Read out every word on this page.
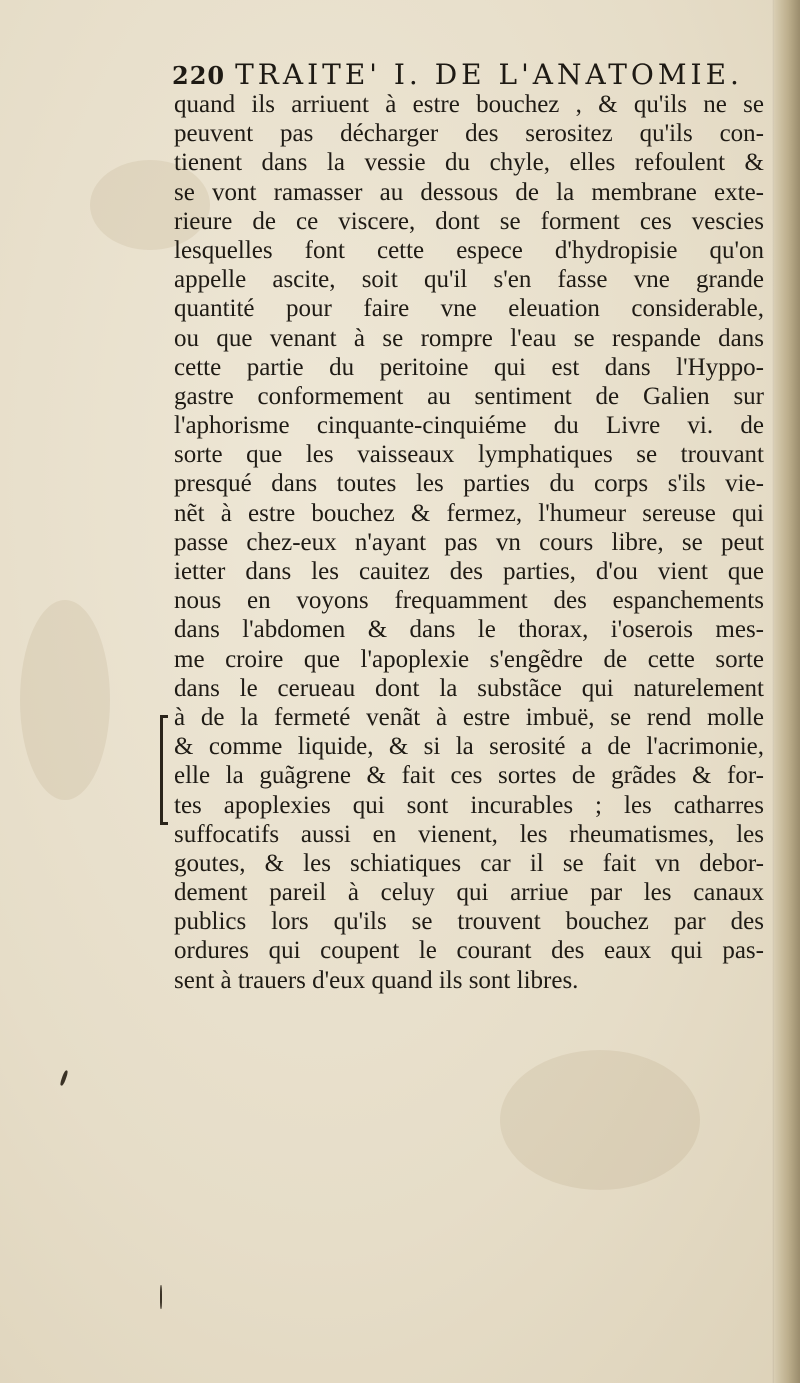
220 TRAITE' I. DE L'ANATOMIE.
quand ils arriuent à estre bouchez , & qu'ils ne se
peuvent pas décharger des serositez qu'ils con-
tienent dans la vessie du chyle, elles refoulent &
se vont ramasser au dessous de la membrane exte-
rieure de ce viscere, dont se forment ces vescies
lesquelles font cette espece d'hydropisie qu'on
appelle ascite, soit qu'il s'en fasse vne grande
quantité pour faire vne eleuation considerable,
ou que venant à se rompre l'eau se respande dans
cette partie du peritoine qui est dans l'Hyppo-
gastre conformement au sentiment de Galien sur
l'aphorisme cinquante-cinquiéme du Livre vi. de
sorte que les vaisseaux lymphatiques se trouvant
presqué dans toutes les parties du corps s'ils vie-
nẽt à estre bouchez & fermez, l'humeur sereuse qui
passe chez-eux n'ayant pas vn cours libre, se peut
ietter dans les cauitez des parties, d'ou vient que
nous en voyons frequamment des espanchements
dans l'abdomen & dans le thorax, i'oserois mes-
me croire que l'apoplexie s'engẽdre de cette sorte
dans le cerueau dont la substãce qui naturelement
à de la fermeté venãt à estre imbuë, se rend molle
& comme liquide, & si la serosité a de l'acrimonie,
elle la guãgrene & fait ces sortes de grãdes & for-
tes apoplexies qui sont incurables ; les catharres
suffocatifs aussi en vienent, les rheumatismes, les
goutes, & les schiatiques car il se fait vn debor-
dement pareil à celuy qui arriue par les canaux
publics lors qu'ils se trouvent bouchez par des
ordures qui coupent le courant des eaux qui pas-
sent à trauers d'eux quand ils sont libres.
